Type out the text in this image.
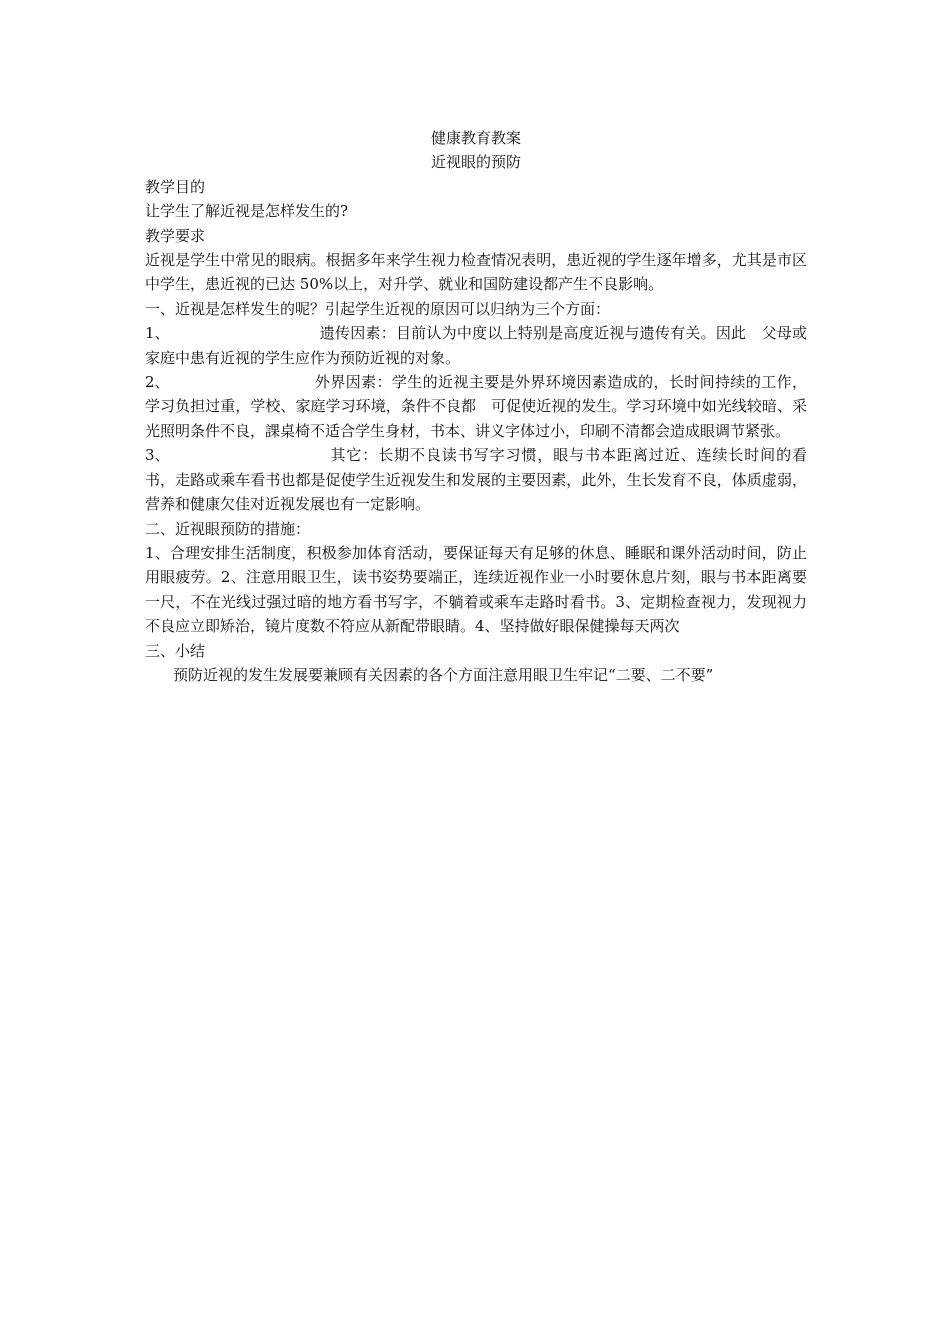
健康教育教案
近视眼的预防

教学目的

让学生了解近视是怎样发生的?

教学要求

近视是学生中常见的眼病。根据多年来学生视力检查情况表明，患近视的学生逐年增多，尤其是市区中学生，患近视的已达 50%以上，对升学、就业和国防建设都产生不良影响。

一、近视是怎样发生的呢？引起学生近视的原因可以归纳为三个方面：

1、	遗传因素：目前认为中度以上特别是高度近视与遗传有关。因此　父母或家庭中患有近视的学生应作为预防近视的对象。

2、	外界因素：学生的近视主要是外界环境因素造成的，长时间持续的工作，学习负担过重，学校、家庭学习环境，条件不良都　可促使近视的发生。学习环境中如光线较暗、采光照明条件不良，課桌椅不适合学生身材，书本、讲义字体过小，印刷不清都会造成眼调节紧张。

3、	其它：长期不良读书写字习惯，眼与书本距离过近、连续长时间的看书，走路或乘车看书也都是促使学生近视发生和发展的主要因素，此外，生长发育不良，体质虚弱， 营养和健康欠佳对近视发展也有一定影响。

二、近视眼预防的措施：

1、合理安排生活制度，积极参加体育活动，要保证每天有足够的休息、睡眠和课外活动时间，防止用眼疲劳。2、注意用眼卫生，读书姿势要端正，连续近视作业一小时要休息片刻，眼与书本距离要一尺，不在光线过强过暗的地方看书写字，不躺着或乘车走路时看书。3、定期检查视力，发现视力不良应立即矫治，镜片度数不符应从新配带眼睛。4、坚持做好眼保健操每天两次

三、小结

预防近视的发生发展要兼顾有关因素的各个方面注意用眼卫生牢记“二要、二不要”
